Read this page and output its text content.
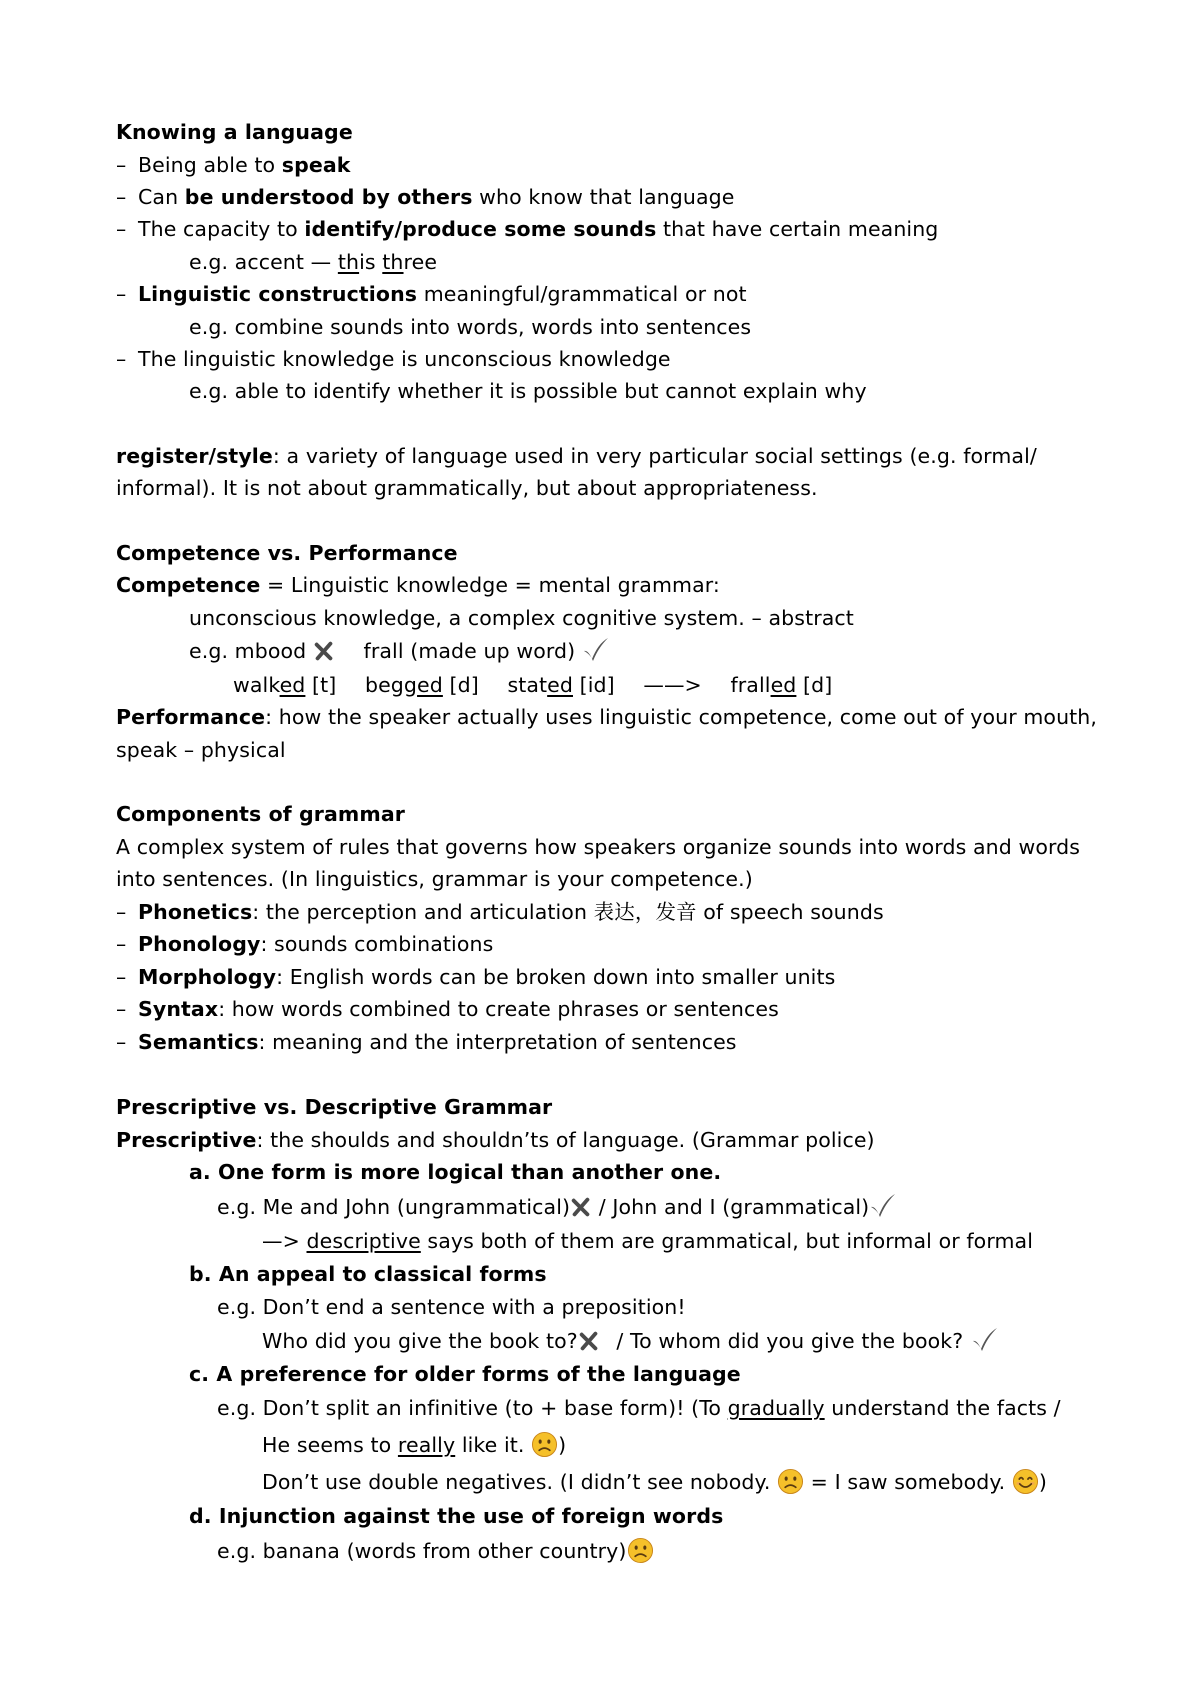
Knowing a language
– Being able to speak
– Can be understood by others who know that language
– The capacity to identify/produce some sounds that have certain meaning
e.g. accent — this three
– Linguistic constructions meaningful/grammatical or not
e.g. combine sounds into words, words into sentences
– The linguistic knowledge is unconscious knowledge
e.g. able to identify whether it is possible but cannot explain why
register/style: a variety of language used in very particular social settings (e.g. formal/
informal). It is not about grammatically, but about appropriateness.
Competence vs. Performance
Competence = Linguistic knowledge = mental grammar:
unconscious knowledge, a complex cognitive system. – abstract
e.g. mbood	frall (made up word)
walked [t] begged [d] stated [id] ——> fralled [d]
Performance: how the speaker actually uses linguistic competence, come out of your mouth,
speak – physical
Components of grammar
A complex system of rules that governs how speakers organize sounds into words and words
into sentences. (In linguistics, grammar is your competence.)
– Phonetics: the perception and articulation 表达，发音 of speech sounds
– Phonology: sounds combinations
– Morphology: English words can be broken down into smaller units
– Syntax: how words combined to create phrases or sentences
– Semantics: meaning and the interpretation of sentences
Prescriptive vs. Descriptive Grammar
Prescriptive: the shoulds and shouldn’ts of language. (Grammar police)
a. One form is more logical than another one.
e.g. Me and John (ungrammatical) / John and I (grammatical)
—> descriptive says both of them are grammatical, but informal or formal
b. An appeal to classical forms
e.g. Don’t end a sentence with a preposition!
Who did you give the book to? / To whom did you give the book?
c. A preference for older forms of the language
e.g. Don’t split an infinitive (to + base form)! (To gradually understand the facts /
He seems to really like it. )
Don’t use double negatives. (I didn’t see nobody.  = I saw somebody. )
d. Injunction against the use of foreign words
e.g. banana (words from other country)
